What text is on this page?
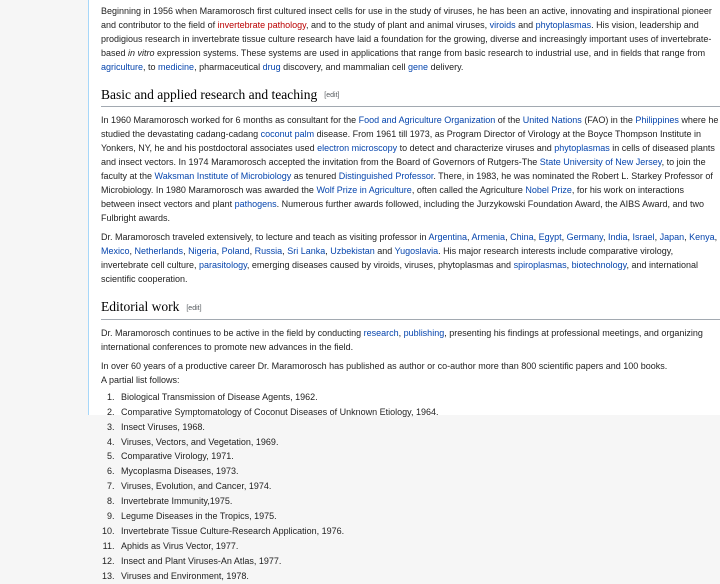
Beginning in 1956 when Maramorosch first cultured insect cells for use in the study of viruses, he has been an active, innovating and inspirational pioneer and contributor to the field of invertebrate pathology, and to the study of plant and animal viruses, viroids and phytoplasmas. His vision, leadership and prodigious research in invertebrate tissue culture research have laid a foundation for the growing, diverse and increasingly important uses of invertebrate-based in vitro expression systems. These systems are used in applications that range from basic research to industrial use, and in fields that range from agriculture, to medicine, pharmaceutical drug discovery, and mammalian cell gene delivery.

Basic and applied research and teaching [edit]

In 1960 Maramorosch worked for 6 months as consultant for the Food and Agriculture Organization of the United Nations (FAO) in the Philippines where he studied the devastating cadang-cadang coconut palm disease. From 1961 till 1973, as Program Director of Virology at the Boyce Thompson Institute in Yonkers, NY, he and his postdoctoral associates used electron microscopy to detect and characterize viruses and phytoplasmas in cells of diseased plants and insect vectors. In 1974 Maramorosch accepted the invitation from the Board of Governors of Rutgers-The State University of New Jersey, to join the faculty at the Waksman Institute of Microbiology as tenured Distinguished Professor. There, in 1983, he was nominated the Robert L. Starkey Professor of Microbiology. In 1980 Maramorosch was awarded the Wolf Prize in Agriculture, often called the Agriculture Nobel Prize, for his work on interactions between insect vectors and plant pathogens. Numerous further awards followed, including the Jurzykowski Foundation Award, the AIBS Award, and two Fulbright awards.

Dr. Maramorosch traveled extensively, to lecture and teach as visiting professor in Argentina, Armenia, China, Egypt, Germany, India, Israel, Japan, Kenya, Mexico, Netherlands, Nigeria, Poland, Russia, Sri Lanka, Uzbekistan and Yugoslavia. His major research interests include comparative virology, invertebrate cell culture, parasitology, emerging diseases caused by viroids, viruses, phytoplasmas and spiroplasmas, biotechnology, and international scientific cooperation.

Editorial work [edit]

Dr. Maramorosch continues to be active in the field by conducting research, publishing, presenting his findings at professional meetings, and organizing international conferences to promote new advances in the field.

In over 60 years of a productive career Dr. Maramorosch has published as author or co-author more than 800 scientific papers and 100 books.
A partial list follows:

1. Biological Transmission of Disease Agents, 1962.
2. Comparative Symptomatology of Coconut Diseases of Unknown Etiology, 1964.
3. Insect Viruses, 1968.
4. Viruses, Vectors, and Vegetation, 1969.
5. Comparative Virology, 1971.
6. Mycoplasma Diseases, 1973.
7. Viruses, Evolution, and Cancer, 1974.
8. Invertebrate Immunity,1975.
9. Legume Diseases in the Tropics, 1975.
10. Invertebrate Tissue Culture-Research Application, 1976.
11. Aphids as Virus Vector, 1977.
12. Insect and Plant Viruses-An Atlas, 1977.
13. Viruses and Environment, 1978.
